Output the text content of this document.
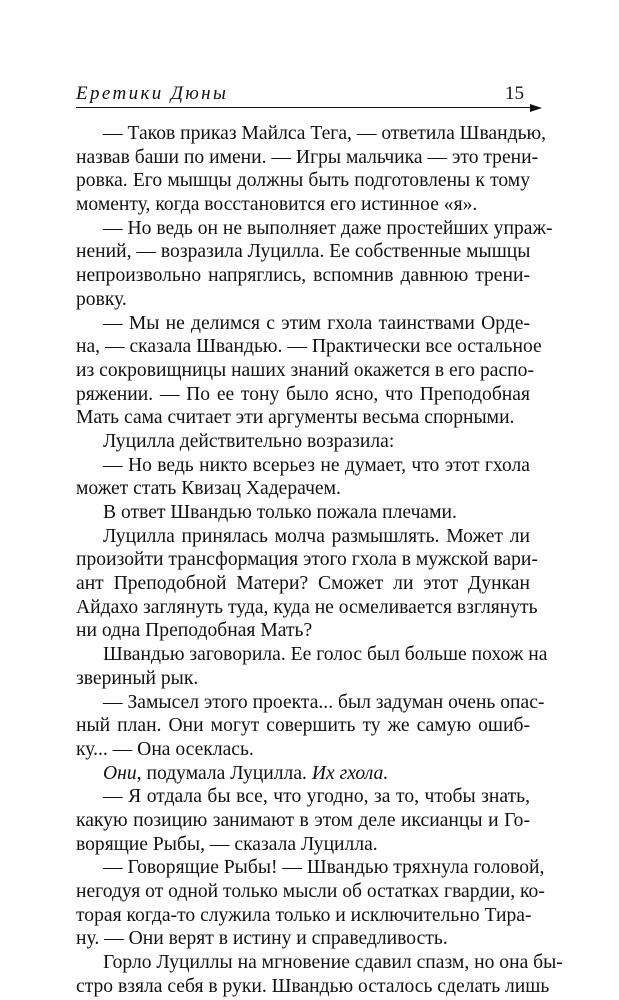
Еретики Дюны	15
— Таков приказ Майлса Тега, — ответила Швандью,
назвав баши по имени. — Игры мальчика — это трени-
ровка. Его мышцы должны быть подготовлены к тому
моменту, когда восстановится его истинное «я».
— Но ведь он не выполняет даже простейших упраж-
нений, — возразила Луцилла. Ее собственные мышцы
непроизвольно напряглись, вспомнив давнюю трени-
ровку.
— Мы не делимся с этим гхола таинствами Орде-
на, — сказала Швандью. — Практически все остальное
из сокровищницы наших знаний окажется в его распо-
ряжении. — По ее тону было ясно, что Преподобная
Мать сама считает эти аргументы весьма спорными.
Луцилла действительно возразила:
— Но ведь никто всерьез не думает, что этот гхола
может стать Квизац Хадерачем.
В ответ Швандью только пожала плечами.
Луцилла принялась молча размышлять. Может ли
произойти трансформация этого гхола в мужской вари-
ант Преподобной Матери? Сможет ли этот Дункан
Айдахо заглянуть туда, куда не осмеливается взглянуть
ни одна Преподобная Мать?
Швандью заговорила. Ее голос был больше похож на
звериный рык.
— Замысел этого проекта... был задуман очень опас-
ный план. Они могут совершить ту же самую ошиб-
ку... — Она осеклась.
Они, подумала Луцилла. Их гхола.
— Я отдала бы все, что угодно, за то, чтобы знать,
какую позицию занимают в этом деле иксианцы и Го-
ворящие Рыбы, — сказала Луцилла.
— Говорящие Рыбы! — Швандью тряхнула головой,
негодуя от одной только мысли об остатках гвардии, ко-
торая когда-то служила только и исключительно Тира-
ну. — Они верят в истину и справедливость.
Горло Луциллы на мгновение сдавил спазм, но она бы-
стро взяла себя в руки. Швандью осталось сделать лишь
